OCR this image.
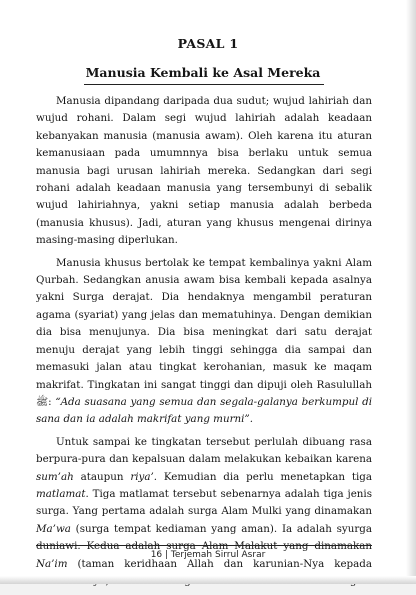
PASAL 1
Manusia Kembali ke Asal Mereka

Manusia dipandang daripada dua sudut; wujud lahiriah dan wujud rohani. Dalam segi wujud lahiriah adalah keadaan kebanyakan manusia (manusia awam). Oleh karena itu aturan kemanusiaan pada umumnnya bisa berlaku untuk semua manusia bagi urusan lahiriah mereka. Sedangkan dari segi rohani adalah keadaan manusia yang tersembunyi di sebalik wujud lahiriahnya, yakni setiap manusia adalah berbeda (manusia khusus). Jadi, aturan yang khusus mengenai dirinya masing-masing diperlukan.

Manusia khusus bertolak ke tempat kembalinya yakni Alam Qurbah. Sedangkan anusia awam bisa kembali kepada asalnya yakni Surga derajat. Dia hendaknya mengambil peraturan agama (syariat) yang jelas dan mematuhinya. Dengan demikian dia bisa menujunya. Dia bisa meningkat dari satu derajat menuju derajat yang lebih tinggi sehingga dia sampai dan memasuki jalan atau tingkat kerohanian, masuk ke maqam makrifat. Tingkatan ini sangat tinggi dan dipuji oleh Rasulullah ﷺ: “Ada suasana yang semua dan segala-galanya berkumpul di sana dan ia adalah makrifat yang murni”.

Untuk sampai ke tingkatan tersebut perlulah dibuang rasa berpura-pura dan kepalsuan dalam melakukan kebaikan karena sum’ah ataupun riya’. Kemudian dia perlu menetapkan tiga matlamat. Tiga matlamat tersebut sebenarnya adalah tiga jenis surga. Yang pertama adalah surga Alam Mulki yang dinamakan Ma’wa (surga tempat kediaman yang aman). Ia adalah syurga duniawi. Kedua adalah surga Alam Malakut yang dinamakan Na’im (taman keridhaan Allah dan karunian-Nya kepada

16 | Terjemah Sirrul Asrar
